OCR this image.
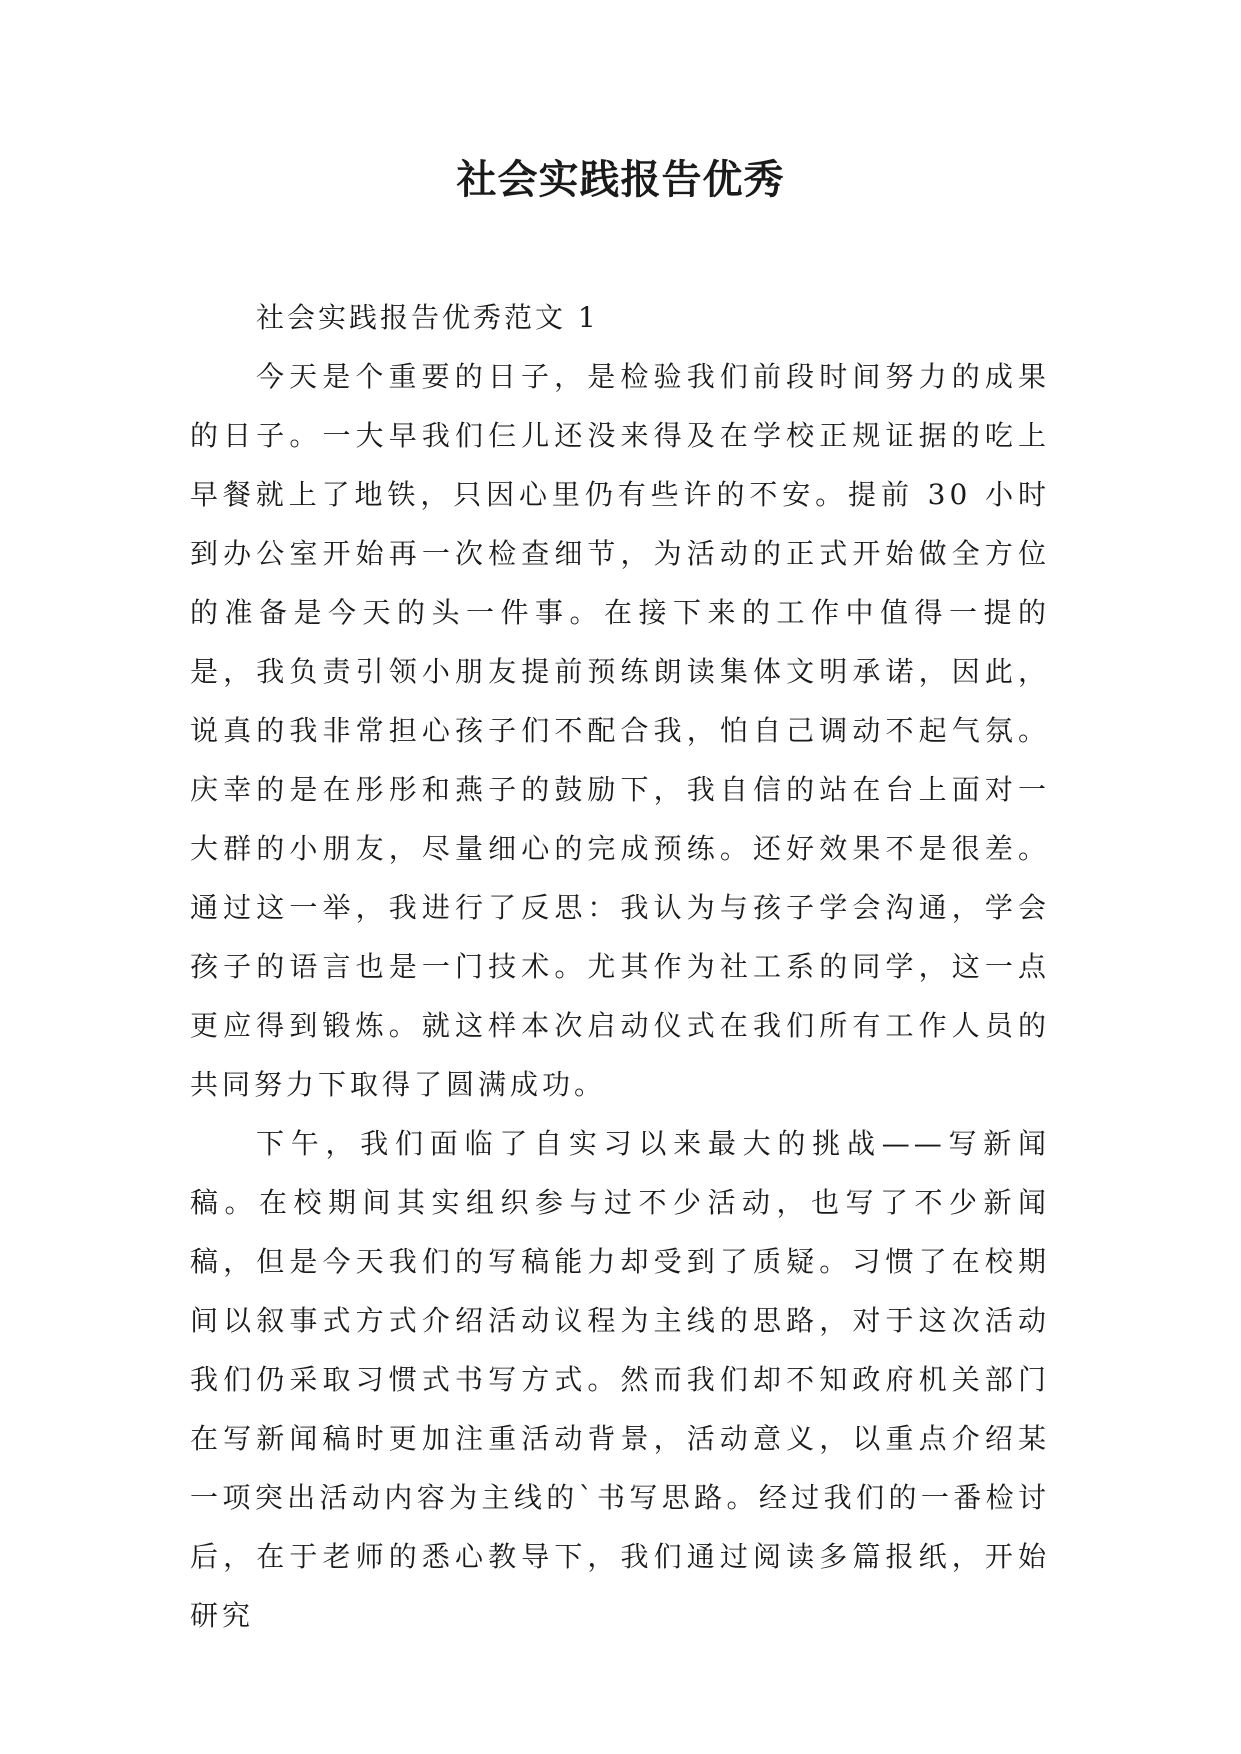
社会实践报告优秀

社会实践报告优秀范文 1

今天是个重要的日子，是检验我们前段时间努力的成果的日子。一大早我们仨儿还没来得及在学校正规证据的吃上早餐就上了地铁，只因心里仍有些许的不安。提前 30 小时到办公室开始再一次检查细节，为活动的正式开始做全方位的准备是今天的头一件事。在接下来的工作中值得一提的是，我负责引领小朋友提前预练朗读集体文明承诺，因此，说真的我非常担心孩子们不配合我，怕自己调动不起气氛。庆幸的是在彤彤和燕子的鼓励下，我自信的站在台上面对一大群的小朋友，尽量细心的完成预练。还好效果不是很差。通过这一举，我进行了反思：我认为与孩子学会沟通，学会孩子的语言也是一门技术。尤其作为社工系的同学，这一点更应得到锻炼。就这样本次启动仪式在我们所有工作人员的共同努力下取得了圆满成功。

下午，我们面临了自实习以来最大的挑战——写新闻稿。在校期间其实组织参与过不少活动，也写了不少新闻稿，但是今天我们的写稿能力却受到了质疑。习惯了在校期间以叙事式方式介绍活动议程为主线的思路，对于这次活动我们仍采取习惯式书写方式。然而我们却不知政府机关部门在写新闻稿时更加注重活动背景，活动意义，以重点介绍某一项突出活动内容为主线的`书写思路。经过我们的一番检讨后，在于老师的悉心教导下，我们通过阅读多篇报纸，开始研究
